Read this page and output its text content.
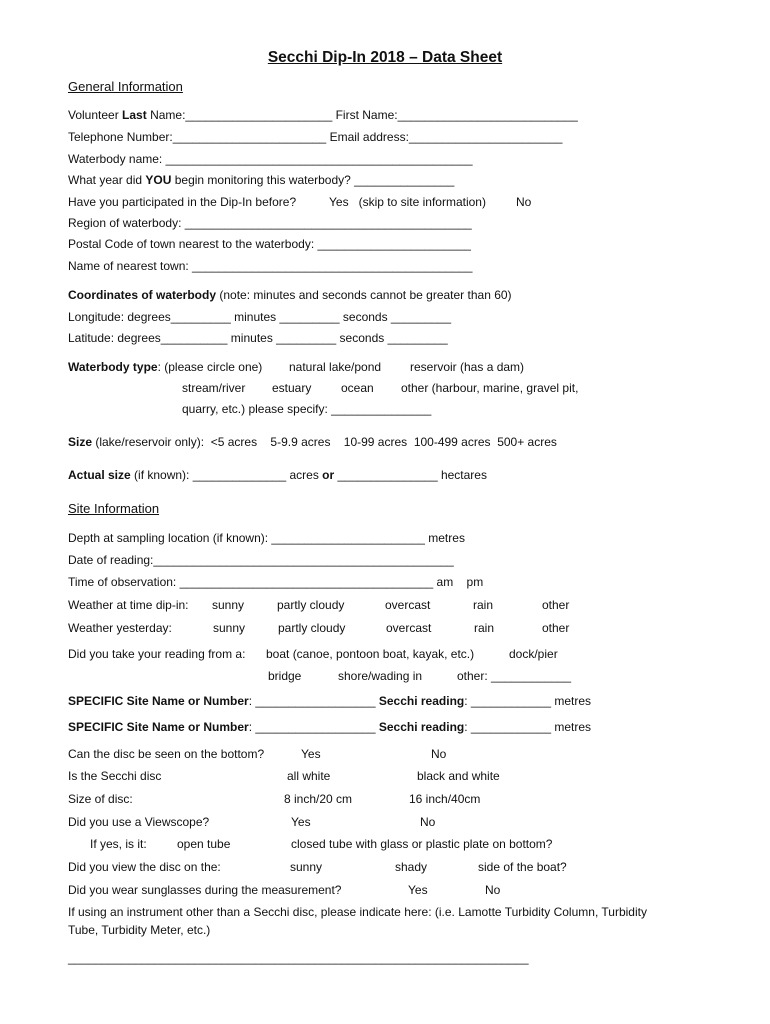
Secchi Dip-In 2018 – Data Sheet
General Information
Volunteer Last Name:______________________ First Name:___________________________
Telephone Number:_______________________ Email address:_______________________
Waterbody name: ______________________________________________
What year did YOU begin monitoring this waterbody? _______________
Have you participated in the Dip-In before?	Yes   (skip to site information)	No
Region of waterbody: ___________________________________________
Postal Code of town nearest to the waterbody: _______________________
Name of nearest town: __________________________________________
Coordinates of waterbody (note: minutes and seconds cannot be greater than 60)
Longitude: degrees_________ minutes _________ seconds _________
Latitude: degrees__________ minutes _________ seconds _________
Waterbody type: (please circle one) natural lake/pond reservoir (has a dam)
stream/river estuary ocean other (harbour, marine, gravel pit,
quarry, etc.) please specify: _______________
Size (lake/reservoir only):  <5 acres    5-9.9 acres    10-99 acres  100-499 acres  500+ acres
Actual size (if known): ______________ acres or _______________ hectares
Site Information
Depth at sampling location (if known): _______________________ metres
Date of reading:_____________________________________________
Time of observation: ______________________________________ am    pm
Weather at time dip-in: sunny	partly cloudy	overcast	rain	other
Weather yesterday:	sunny	partly cloudy	overcast	rain	other
Did you take your reading from a: boat (canoe, pontoon boat, kayak, etc.)	dock/pier
bridge	shore/wading in	other: ____________
SPECIFIC Site Name or Number: __________________ Secchi reading: ____________ metres
SPECIFIC Site Name or Number: __________________ Secchi reading: ____________ metres
Can the disc be seen on the bottom?	Yes	No
Is the Secchi disc	all white	black and white
Size of disc:	8 inch/20 cm	16 inch/40cm
Did you use a Viewscope?	Yes	No
If yes, is it:	open tube	closed tube with glass or plastic plate on bottom?
Did you view the disc on the:	sunny	shady	side of the boat?
Did you wear sunglasses during the measurement?	Yes	No
If using an instrument other than a Secchi disc, please indicate here: (i.e. Lamotte Turbidity Column, Turbidity
Tube, Turbidity Meter, etc.)
_____________________________________________________________________
